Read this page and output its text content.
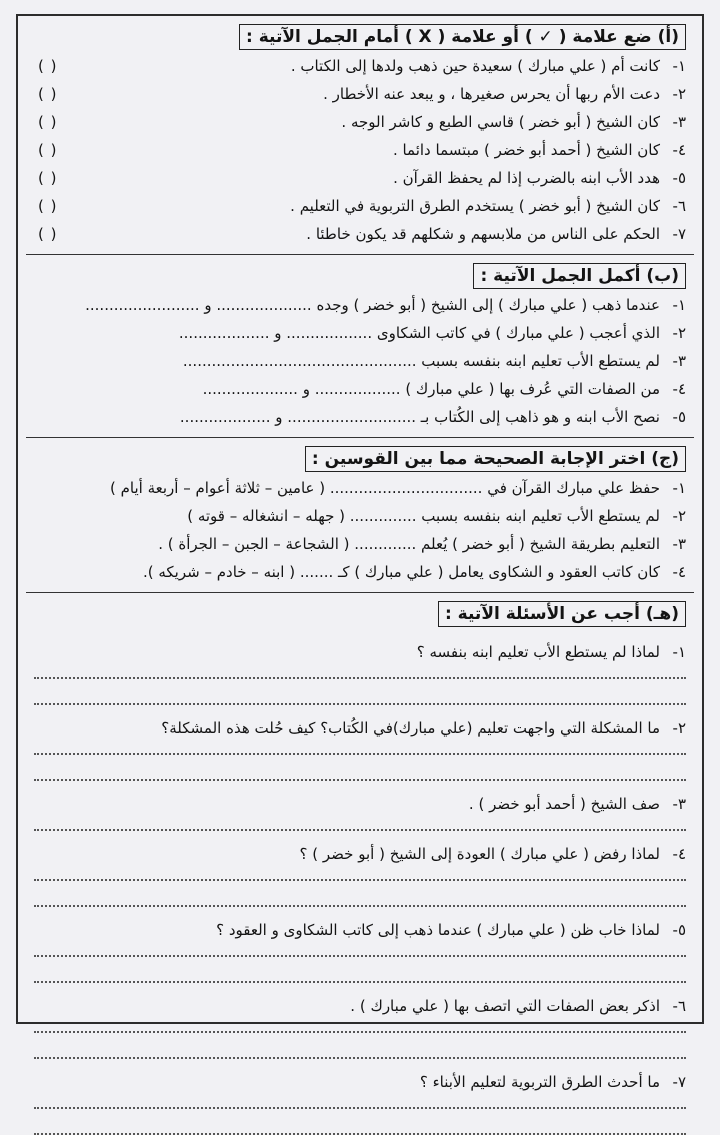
(أ) ضع علامة ( ✓ ) أو علامة ( X ) أمام الجمل الآتية :
١-
كانت أم ( علي مبارك ) سعيدة حين ذهب ولدها إلى الكتاب .
( )
٢-
دعت الأم ربها أن يحرس صغيرها ، و يبعد عنه الأخطار .
( )
٣-
كان الشيخ ( أبو خضر ) قاسي الطبع و كاشر الوجه .
( )
٤-
كان الشيخ ( أحمد أبو خضر ) مبتسما دائما .
( )
٥-
هدد الأب ابنه بالضرب إذا لم يحفظ القرآن .
( )
٦-
كان الشيخ ( أبو خضر ) يستخدم الطرق التربوية في التعليم .
( )
٧-
الحكم على الناس من ملابسهم و شكلهم قد يكون خاطئا .
( )
(ب) أكمل الجمل الآتية :
١-
عندما ذهب ( علي مبارك ) إلى الشيخ ( أبو خضر ) وجده .................... و ........................
٢-
الذي أعجب ( علي مبارك ) في كاتب الشكاوى .................. و ...................
٣-
لم يستطع الأب تعليم ابنه بنفسه بسبب .................................................
٤-
من الصفات التي عُرف بها ( علي مبارك ) .................. و ....................
٥-
نصح الأب ابنه و هو ذاهب إلى الكُتاب بـ ........................... و ...................
(ج) اختر الإجابة الصحيحة مما بين القوسين :
١-
حفظ علي مبارك القرآن في ................................ ( عامين – ثلاثة أعوام – أربعة أيام )
٢-
لم يستطع الأب تعليم ابنه بنفسه بسبب .............. ( جهله – انشغاله – قوته )
٣-
التعليم بطريقة الشيخ ( أبو خضر ) يُعلم ............. ( الشجاعة – الجبن – الجرأة ) .
٤-
كان كاتب العقود و الشكاوى يعامل ( علي مبارك ) كـ ....... ( ابنه – خادم – شريكه ).
(هـ) أجب عن الأسئلة الآتية :
١-
لماذا لم يستطع الأب تعليم ابنه بنفسه ؟
٢-
ما المشكلة التي واجهت تعليم (علي مبارك)في الكُتاب؟ كيف حُلت هذه المشكلة؟
٣-
صف الشيخ ( أحمد أبو خضر ) .
٤-
لماذا رفض ( علي مبارك ) العودة إلى الشيخ ( أبو خضر ) ؟
٥-
لماذا خاب ظن ( علي مبارك ) عندما ذهب إلى كاتب الشكاوى و العقود ؟
٦-
اذكر بعض الصفات التي اتصف بها ( علي مبارك ) .
٧-
ما أحدث الطرق التربوية لتعليم الأبناء ؟
